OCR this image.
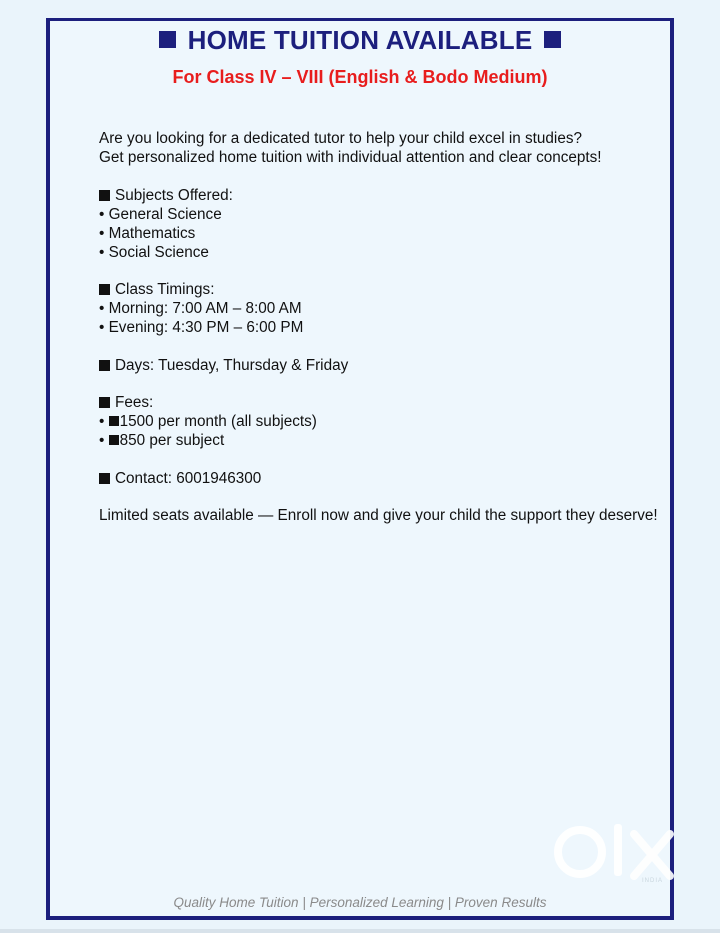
HOME TUITION AVAILABLE
For Class IV – VIII (English & Bodo Medium)
Are you looking for a dedicated tutor to help your child excel in studies?
Get personalized home tuition with individual attention and clear concepts!
Subjects Offered:
• General Science
• Mathematics
• Social Science
Class Timings:
• Morning: 7:00 AM – 8:00 AM
• Evening: 4:30 PM – 6:00 PM
Days: Tuesday, Thursday & Friday
Fees:
• 1500 per month (all subjects)
• 850 per subject
Contact: 6001946300
Limited seats available — Enroll now and give your child the support they deserve!
Quality Home Tuition | Personalized Learning | Proven Results
INDIA
